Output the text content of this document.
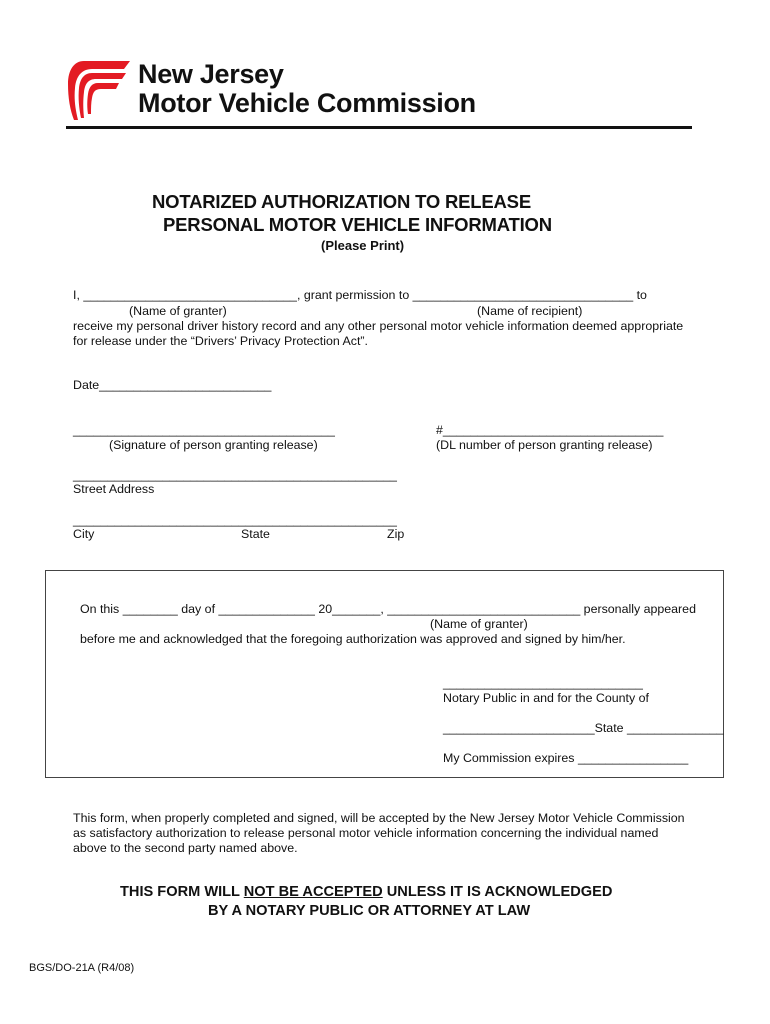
New Jersey
Motor Vehicle Commission
NOTARIZED AUTHORIZATION TO RELEASE
PERSONAL MOTOR VEHICLE INFORMATION
(Please Print)
I, _______________________________, grant permission to ________________________________ to
(Name of granter)	(Name of recipient)
receive my personal driver history record and any other personal motor vehicle information deemed appropriate
for release under the “Drivers’ Privacy Protection Act”.
Date_________________________
______________________________________
(Signature of person granting release)
#________________________________
(DL number of person granting release)
_______________________________________________
Street Address
_______________________________________________
City	State	Zip
On this ________ day of ______________ 20_______, ____________________________ personally appeared
(Name of granter)
before me and acknowledged that the foregoing authorization was approved and signed by him/her.
_____________________________
Notary Public in and for the County of
______________________State ______________
My Commission expires ________________
This form, when properly completed and signed, will be accepted by the New Jersey Motor Vehicle Commission
as satisfactory authorization to release personal motor vehicle information concerning the individual named
above to the second party named above.
THIS FORM WILL NOT BE ACCEPTED UNLESS IT IS ACKNOWLEDGED
BY A NOTARY PUBLIC OR ATTORNEY AT LAW
BGS/DO-21A (R4/08)
